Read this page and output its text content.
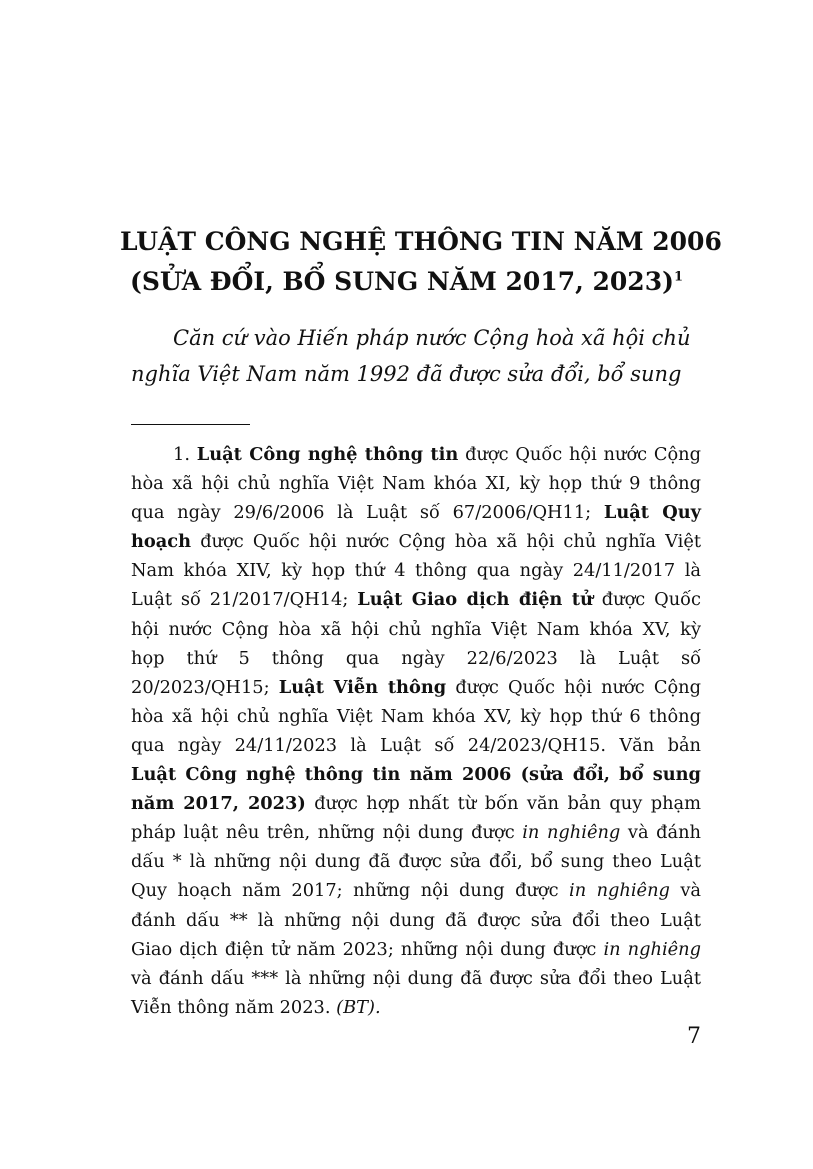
LUẬT CÔNG NGHỆ THÔNG TIN NĂM 2006
(SỬA ĐỔI, BỔ SUNG NĂM 2017, 2023)$^1$

Căn cứ vào Hiến pháp nước Cộng hoà xã hội chủ
nghĩa Việt Nam năm 1992 đã được sửa đổi, bổ sung

1. Luật Công nghệ thông tin được Quốc hội nước Cộng
hòa xã hội chủ nghĩa Việt Nam khóa XI, kỳ họp thứ 9 thông
qua ngày 29/6/2006 là Luật số 67/2006/QH11; Luật Quy
hoạch được Quốc hội nước Cộng hòa xã hội chủ nghĩa Việt
Nam khóa XIV, kỳ họp thứ 4 thông qua ngày 24/11/2017 là
Luật số 21/2017/QH14; Luật Giao dịch điện tử được Quốc
hội nước Cộng hòa xã hội chủ nghĩa Việt Nam khóa XV, kỳ
họp thứ 5 thông qua ngày 22/6/2023 là Luật số
20/2023/QH15; Luật Viễn thông được Quốc hội nước Cộng
hòa xã hội chủ nghĩa Việt Nam khóa XV, kỳ họp thứ 6 thông
qua ngày 24/11/2023 là Luật số 24/2023/QH15. Văn bản
Luật Công nghệ thông tin năm 2006 (sửa đổi, bổ sung
năm 2017, 2023) được hợp nhất từ bốn văn bản quy phạm
pháp luật nêu trên, những nội dung được in nghiêng và đánh
dấu * là những nội dung đã được sửa đổi, bổ sung theo Luật
Quy hoạch năm 2017; những nội dung được in nghiêng và
đánh dấu ** là những nội dung đã được sửa đổi theo Luật
Giao dịch điện tử năm 2023; những nội dung được in nghiêng
và đánh dấu *** là những nội dung đã được sửa đổi theo Luật
Viễn thông năm 2023. (BT).
7
